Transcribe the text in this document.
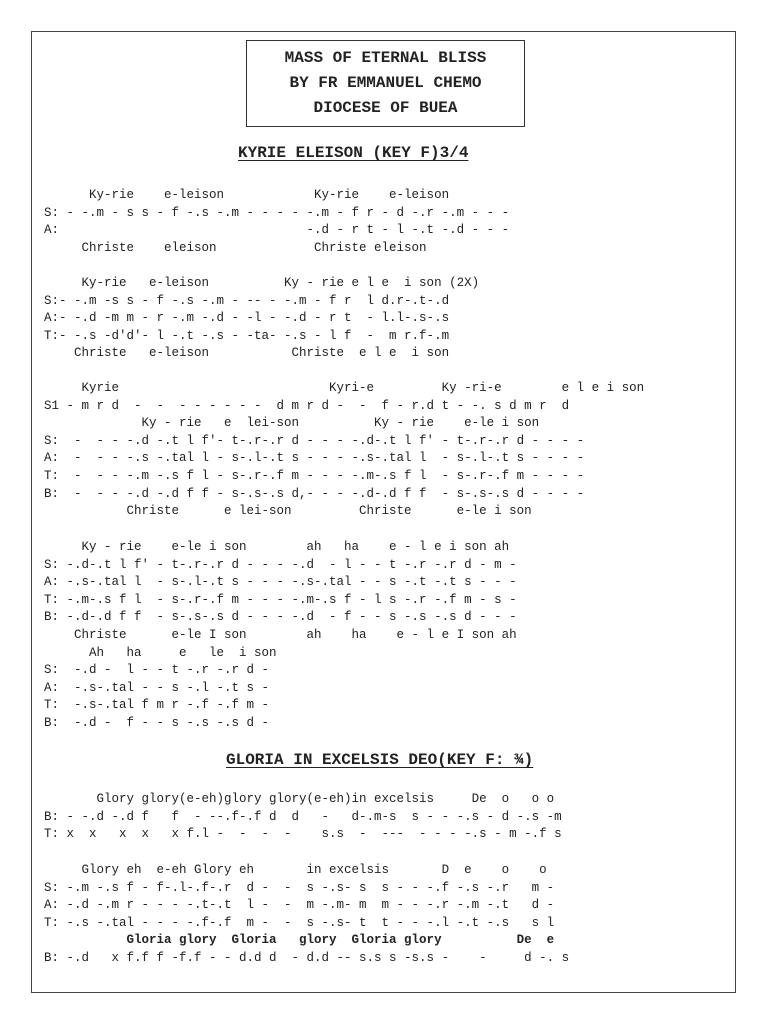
MASS OF ETERNAL BLISS
BY FR EMMANUEL CHEMO
DIOCESE OF BUEA
KYRIE ELEISON (KEY F)3/4
Ky-rie    e-leison            Ky-rie    e-leison
S: - -.m - s s - f -.s -.m - - - - -.m - f r - d -.r -.m - - -
A:                                 -.d - r t - l -.t -.d - - -
Christe    eleison             Christe eleison
Ky-rie   e-leison          Ky - rie e l e  i son (2X)
S:- -.m -s s - f -.s -.m - -- - -.m - f r  l d.r-.t-.d
A:- -.d -m m - r -.m -.d - -l - -.d - r t  - l.l-.s-.s
T:- -.s -d'd'- l -.t -.s - -ta- -.s - l f  -  m r.f-.m
Christe   e-leison           Christe  e l e  i son
Kyrie                            Kyri-e         Ky -ri-e        e l e i son
S1 - m r d  -  -  - - - - - -  d m r d -  -  f - r.d t - -. s d m r  d
Ky - rie   e  lei-son          Ky - rie    e-le i son
S:  -  - - -.d -.t l f'- t-.r-.r d - - - -.d-.t l f' - t-.r-.r d - - - -
A:  -  - - -.s -.tal l - s-.l-.t s - - - -.s-.tal l  - s-.l-.t s - - - -
T:  -  - - -.m -.s f l - s-.r-.f m - - - -.m-.s f l  - s-.r-.f m - - - -
B:  -  - - -.d -.d f f - s-.s-.s d,- - - -.d-.d f f  - s-.s-.s d - - - -
Christe      e lei-son         Christe      e-le i son
Ky - rie    e-le i son        ah   ha    e - l e i son ah
S: -.d-.t l f' - t-.r-.r d - - - -.d  - l - - t -.r -.r d - m -
A: -.s-.tal l  - s-.l-.t s - - - -.s-.tal - - s -.t -.t s - - -
T: -.m-.s f l  - s-.r-.f m - - - -.m-.s f - l s -.r -.f m - s -
B: -.d-.d f f  - s-.s-.s d - - - -.d  - f - - s -.s -.s d - - -
Christe      e-le I son        ah    ha    e - l e I son ah
Ah   ha     e   le  i son
S:  -.d -  l - - t -.r -.r d -
A:  -.s-.tal - - s -.l -.t s -
T:  -.s-.tal f m r -.f -.f m -
B:  -.d -  f - - s -.s -.s d -
GLORIA IN EXCELSIS DEO(KEY F: ¾)
Glory glory(e-eh)glory glory(e-eh)in excelsis     De  o   o o
B: - -.d -.d f   f  - --.f-.f d  d   -   d-.m-s  s - - -.s - d -.s -m
T: x  x   x  x   x f.l -  -  -  -    s.s  -  ---  - - - -.s - m -.f s
Glory eh  e-eh Glory eh       in excelsis       D  e    o    o
S: -.m -.s f - f-.l-.f-.r  d -  -  s -.s- s  s - - -.f -.s -.r   m -
A: -.d -.m r - - - -.t-.t  l -  -  m -.m- m  m - - -.r -.m -.t   d -
T: -.s -.tal - - - -.f-.f  m -  -  s -.s- t  t - - -.l -.t -.s   s l
Gloria glory  Gloria   glory  Gloria glory          De  e
B: -.d   x f.f f -f.f - - d.d d  - d.d -- s.s s -s.s -    -     d -. s
